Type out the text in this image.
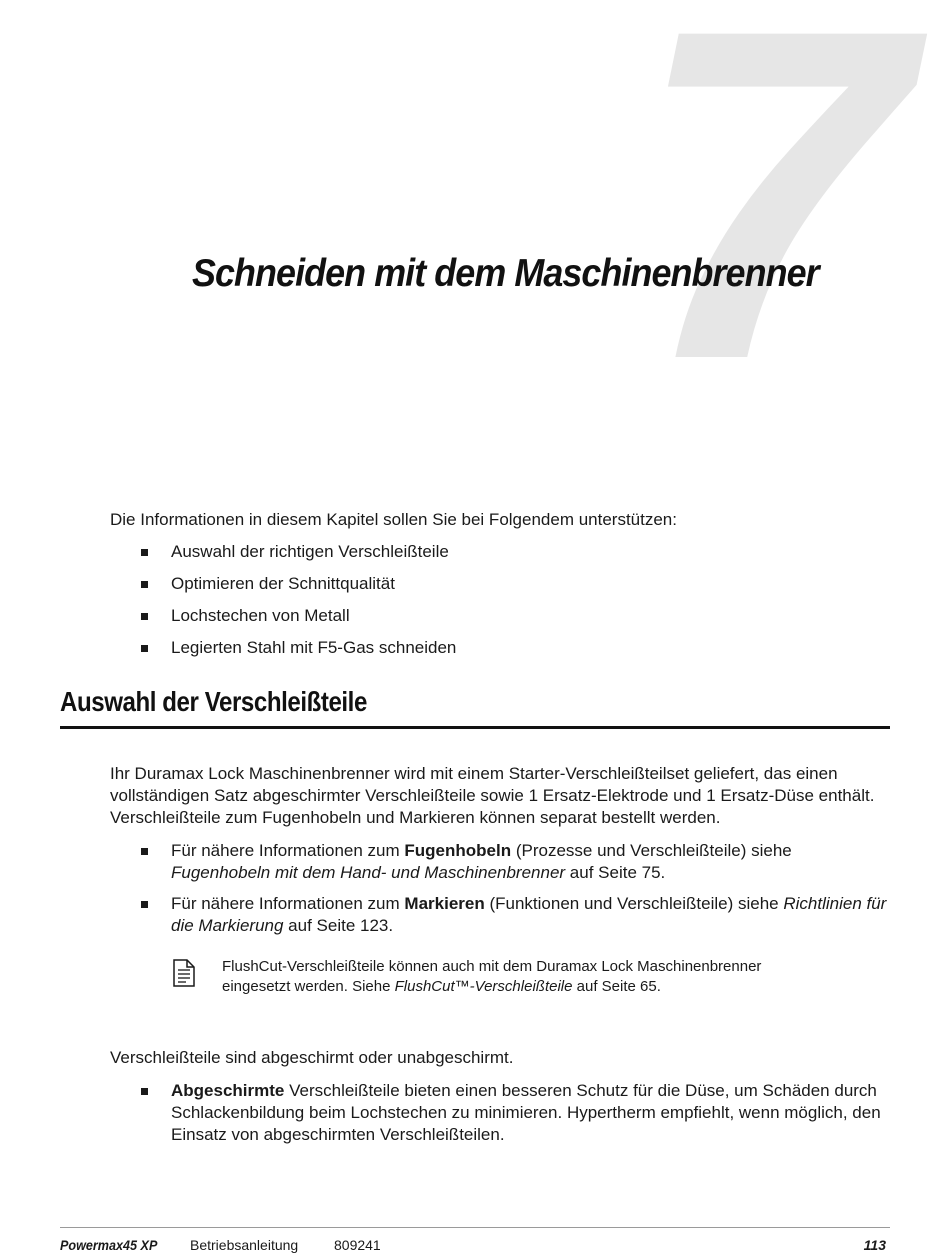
7
Schneiden mit dem Maschinenbrenner

Die Informationen in diesem Kapitel sollen Sie bei Folgendem unterstützen:

Auswahl der richtigen Verschleißteile
Optimieren der Schnittqualität
Lochstechen von Metall
Legierten Stahl mit F5-Gas schneiden
Auswahl der Verschleißteile

Ihr Duramax Lock Maschinenbrenner wird mit einem Starter-Verschleißteilset geliefert, das einen vollständigen Satz abgeschirmter Verschleißteile sowie 1 Ersatz-Elektrode und 1 Ersatz-Düse enthält. Verschleißteile zum Fugenhobeln und Markieren können separat bestellt werden.

Für nähere Informationen zum Fugenhobeln (Prozesse und Verschleißteile) siehe Fugenhobeln mit dem Hand- und Maschinenbrenner auf Seite 75.
Für nähere Informationen zum Markieren (Funktionen und Verschleißteile) siehe Richtlinien für die Markierung auf Seite 123.

FlushCut-Verschleißteile können auch mit dem Duramax Lock Maschinenbrenner eingesetzt werden. Siehe FlushCut™-Verschleißteile auf Seite 65.

Verschleißteile sind abgeschirmt oder unabgeschirmt.

Abgeschirmte Verschleißteile bieten einen besseren Schutz für die Düse, um Schäden durch Schlackenbildung beim Lochstechen zu minimieren. Hypertherm empfiehlt, wenn möglich, den Einsatz von abgeschirmten Verschleißteilen.
Powermax45 XP Betriebsanleitung	809241	113
